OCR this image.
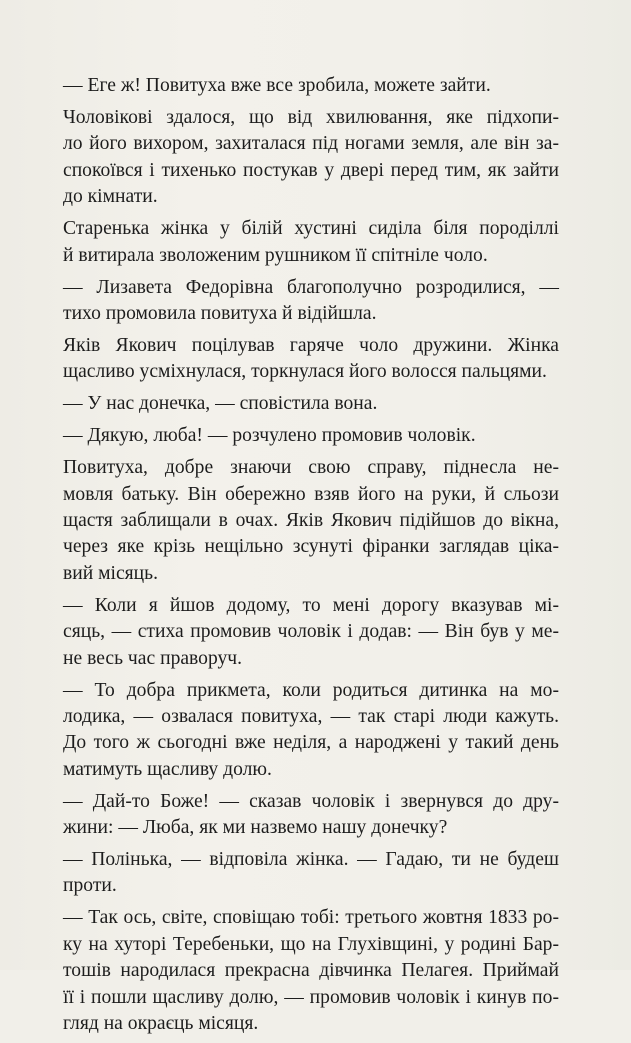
— Еге ж! Повитуха вже все зробила, можете зайти.
Чоловікові здалося, що від хвилювання, яке підхопи-
ло його вихором, захиталася під ногами земля, але він за-
спокоївся і тихенько постукав у двері перед тим, як зайти
до кімнати.
Старенька жінка у білій хустині сиділа біля породіллі
й витирала зволоженим рушником її спітніле чоло.
— Лизавета Федорівна благополучно розродилися, —
тихо промовила повитуха й відійшла.
Яків Якович поцілував гаряче чоло дружини. Жінка
щасливо усміхнулася, торкнулася його волосся пальцями.
— У нас донечка, — сповістила вона.
— Дякую, люба! — розчулено промовив чоловік.
Повитуха, добре знаючи свою справу, піднесла не-
мовля батьку. Він обережно взяв його на руки, й сльози
щастя заблищали в очах. Яків Якович підійшов до вікна,
через яке крізь нещільно зсунуті фіранки заглядав ціка-
вий місяць.
— Коли я йшов додому, то мені дорогу вказував мі-
сяць, — стиха промовив чоловік і додав: — Він був у ме-
не весь час праворуч.
— То добра прикмета, коли родиться дитинка на мо-
лодика, — озвалася повитуха, — так старі люди кажуть.
До того ж сьогодні вже неділя, а народжені у такий день
матимуть щасливу долю.
— Дай-то Боже! — сказав чоловік і звернувся до дру-
жини: — Люба, як ми назвемо нашу донечку?
— Полінька, — відповіла жінка. — Гадаю, ти не будеш
проти.
— Так ось, світе, сповіщаю тобі: третього жовтня 1833 ро-
ку на хуторі Теребеньки, що на Глухівщині, у родині Бар-
тошів народилася прекрасна дівчинка Пелагея. Приймай
її і пошли щасливу долю, — промовив чоловік і кинув по-
гляд на окраєць місяця.
